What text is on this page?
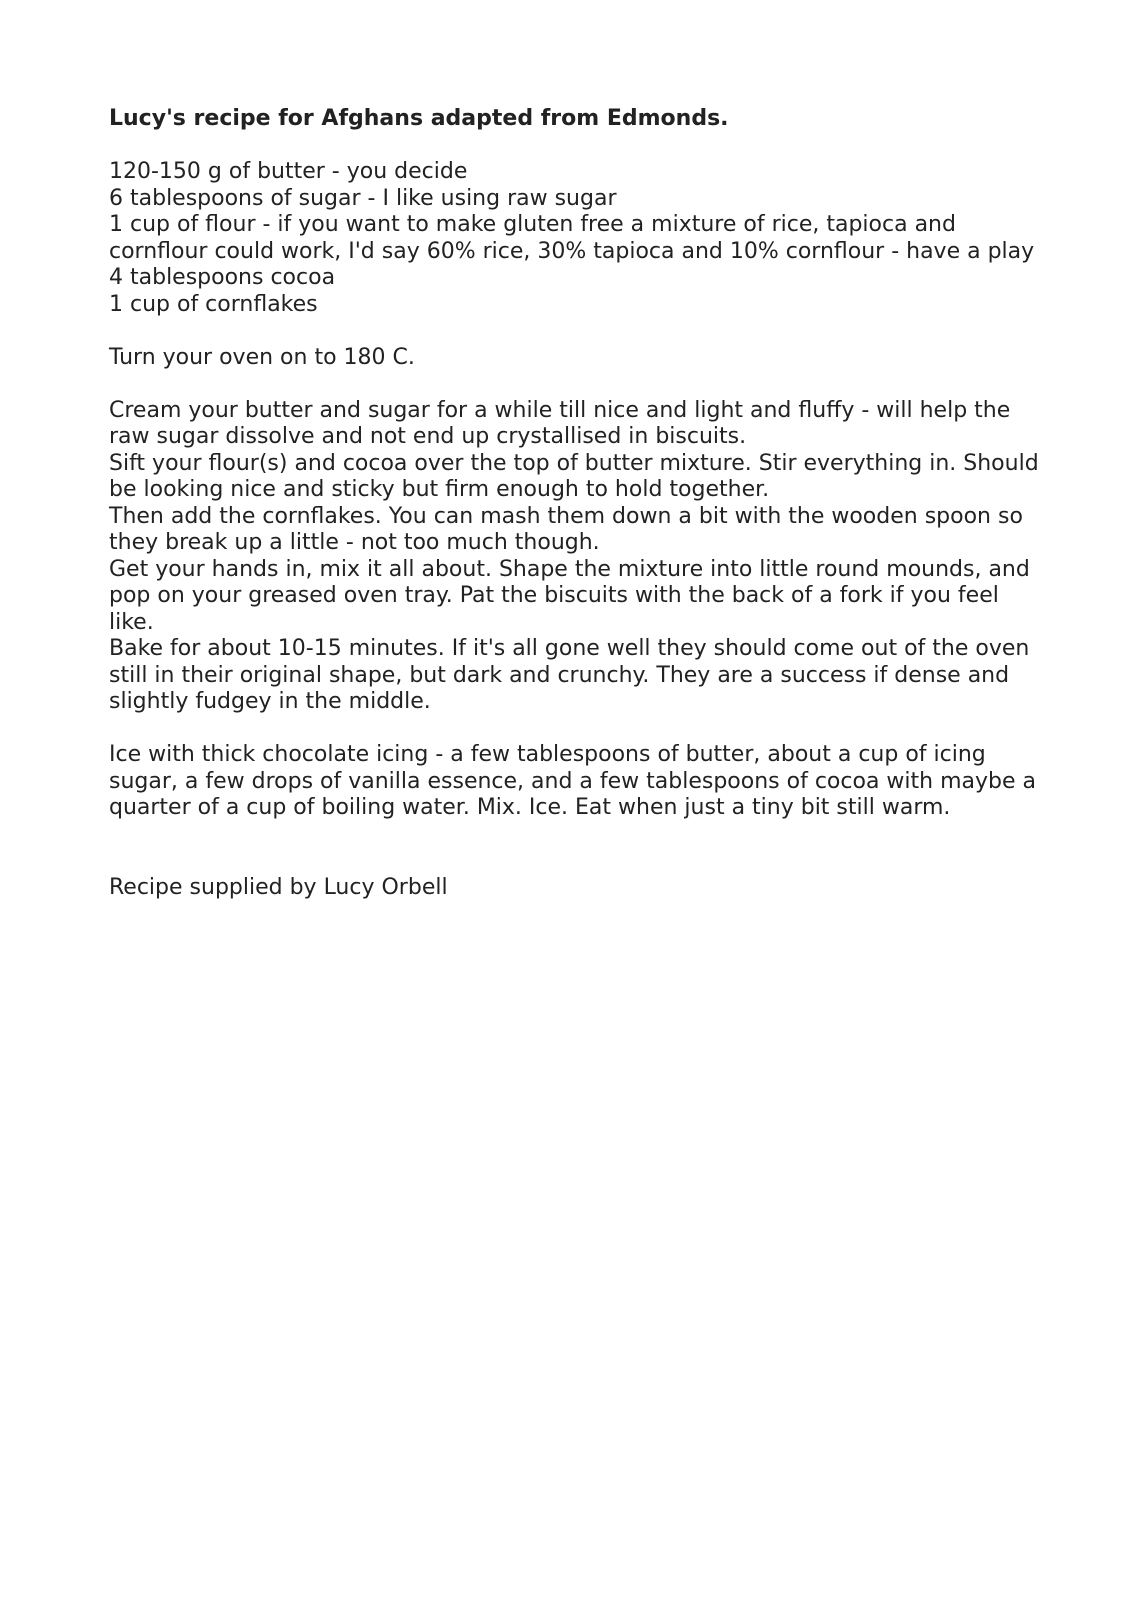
Lucy's recipe for Afghans adapted from Edmonds.
120-150 g of butter - you decide
6 tablespoons of sugar - I like using raw sugar
1 cup of flour - if you want to make gluten free a mixture of rice, tapioca and cornflour could work, I'd say 60% rice, 30% tapioca and 10% cornflour - have a play
4 tablespoons cocoa
1 cup of cornflakes
Turn your oven on to 180 C.
Cream your butter and sugar for a while till nice and light and fluffy - will help the raw sugar dissolve and not end up crystallised in biscuits.
Sift your flour(s) and cocoa over the top of butter mixture. Stir everything in. Should be looking nice and sticky but firm enough to hold together.
Then add the cornflakes. You can mash them down a bit with the wooden spoon so they break up a little - not too much though.
Get your hands in, mix it all about. Shape the mixture into little round mounds, and pop on your greased oven tray. Pat the biscuits with the back of a fork if you feel like.
Bake for about 10-15 minutes. If it's all gone well they should come out of the oven still in their original shape, but dark and crunchy. They are a success if dense and slightly fudgey in the middle.
Ice with thick chocolate icing - a few tablespoons of butter, about a cup of icing sugar, a few drops of vanilla essence, and a few tablespoons of cocoa with maybe a quarter of a cup of boiling water. Mix. Ice. Eat when just a tiny bit still warm.
Recipe supplied by Lucy Orbell
